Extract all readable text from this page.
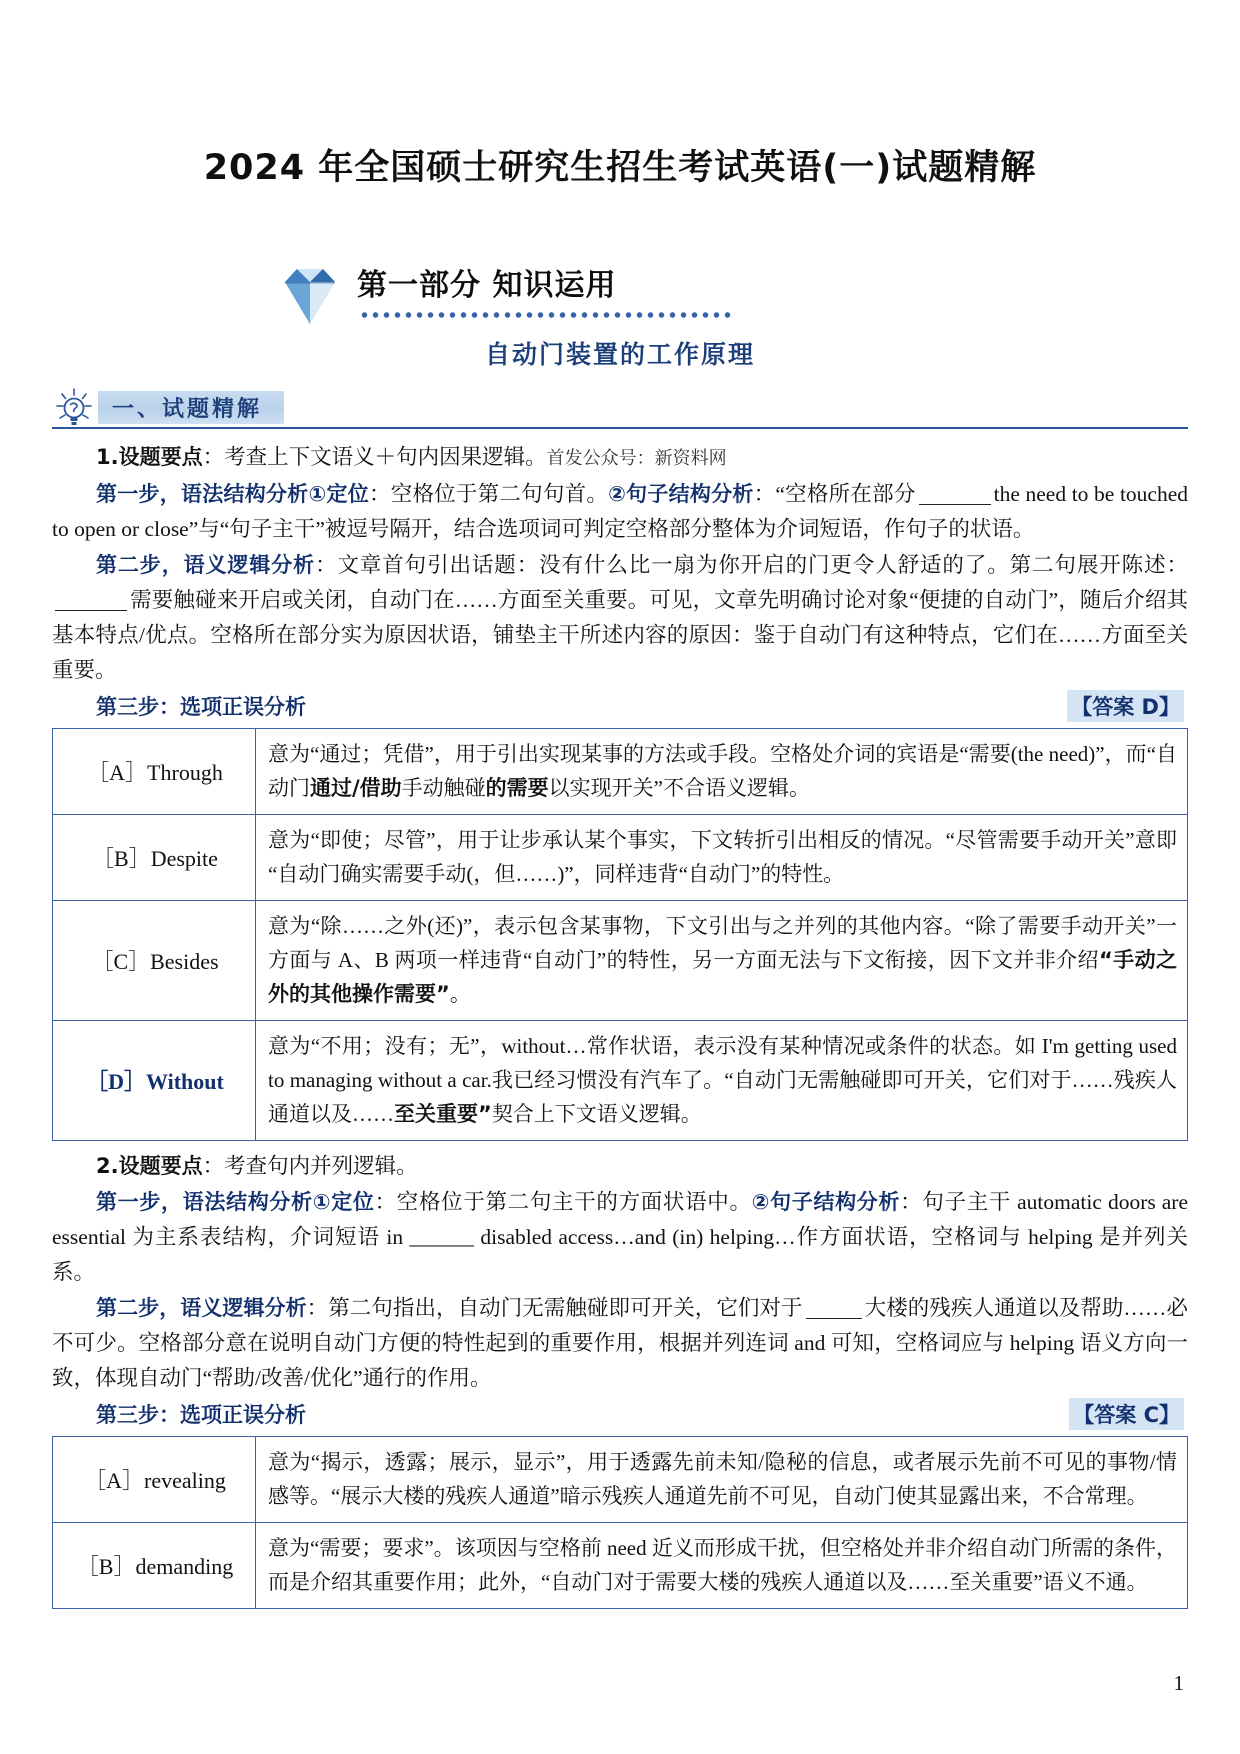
2024 年全国硕士研究生招生考试英语(一)试题精解
第一部分 知识运用
自动门装置的工作原理
一、试题精解

1.设题要点：考查上下文语义＋句内因果逻辑。首发公众号：新资料网

第一步，语法结构分析①定位：空格位于第二句句首。②句子结构分析：“空格所在部分	the need to be touched to open or close”与“句子主干”被逗号隔开，结合选项词可判定空格部分整体为介词短语，作句子的状语。

第二步，语义逻辑分析：文章首句引出话题：没有什么比一扇为你开启的门更令人舒适的了。第二句展开陈述：需要触碰来开启或关闭，自动门在……方面至关重要。可见，文章先明确讨论对象“便捷的自动门”，随后介绍其基本特点/优点。空格所在部分实为原因状语，铺垫主干所述内容的原因：鉴于自动门有这种特点，它们在……方面至关重要。

第三步：选项正误分析	【答案 D】
［A］Through	意为“通过；凭借”，用于引出实现某事的方法或手段。空格处介词的宾语是“需要(the need)”，而“自动门通过/借助手动触碰的需要以实现开关”不合语义逻辑。
［B］Despite	意为“即使；尽管”，用于让步承认某个事实，下文转折引出相反的情况。“尽管需要手动开关”意即“自动门确实需要手动(，但……)”，同样违背“自动门”的特性。
［C］Besides	意为“除……之外(还)”，表示包含某事物，下文引出与之并列的其他内容。“除了需要手动开关”一方面与 A、B 两项一样违背“自动门”的特性，另一方面无法与下文衔接，因下文并非介绍“手动之外的其他操作需要”。
［D］Without	意为“不用；没有；无”，without…常作状语，表示没有某种情况或条件的状态。如 I'm getting used to managing without a car.我已经习惯没有汽车了。“自动门无需触碰即可开关，它们对于……残疾人通道以及……至关重要”契合上下文语义逻辑。

2.设题要点：考查句内并列逻辑。

第一步，语法结构分析①定位：空格位于第二句主干的方面状语中。②句子结构分析：句子主干 automatic doors are essential 为主系表结构，介词短语 in ______ disabled access…and (in) helping…作方面状语，空格词与 helping 是并列关系。

第二步，语义逻辑分析：第二句指出，自动门无需触碰即可开关，它们对于	大楼的残疾人通道以及帮助……必不可少。空格部分意在说明自动门方便的特性起到的重要作用，根据并列连词 and 可知，空格词应与 helping 语义方向一致，体现自动门“帮助/改善/优化”通行的作用。

第三步：选项正误分析	【答案 C】
［A］revealing	意为“揭示，透露；展示，显示”，用于透露先前未知/隐秘的信息，或者展示先前不可见的事物/情感等。“展示大楼的残疾人通道”暗示残疾人通道先前不可见，自动门使其显露出来，不合常理。
［B］demanding	意为“需要；要求”。该项因与空格前 need 近义而形成干扰，但空格处并非介绍自动门所需的条件，而是介绍其重要作用；此外，“自动门对于需要大楼的残疾人通道以及……至关重要”语义不通。
1
